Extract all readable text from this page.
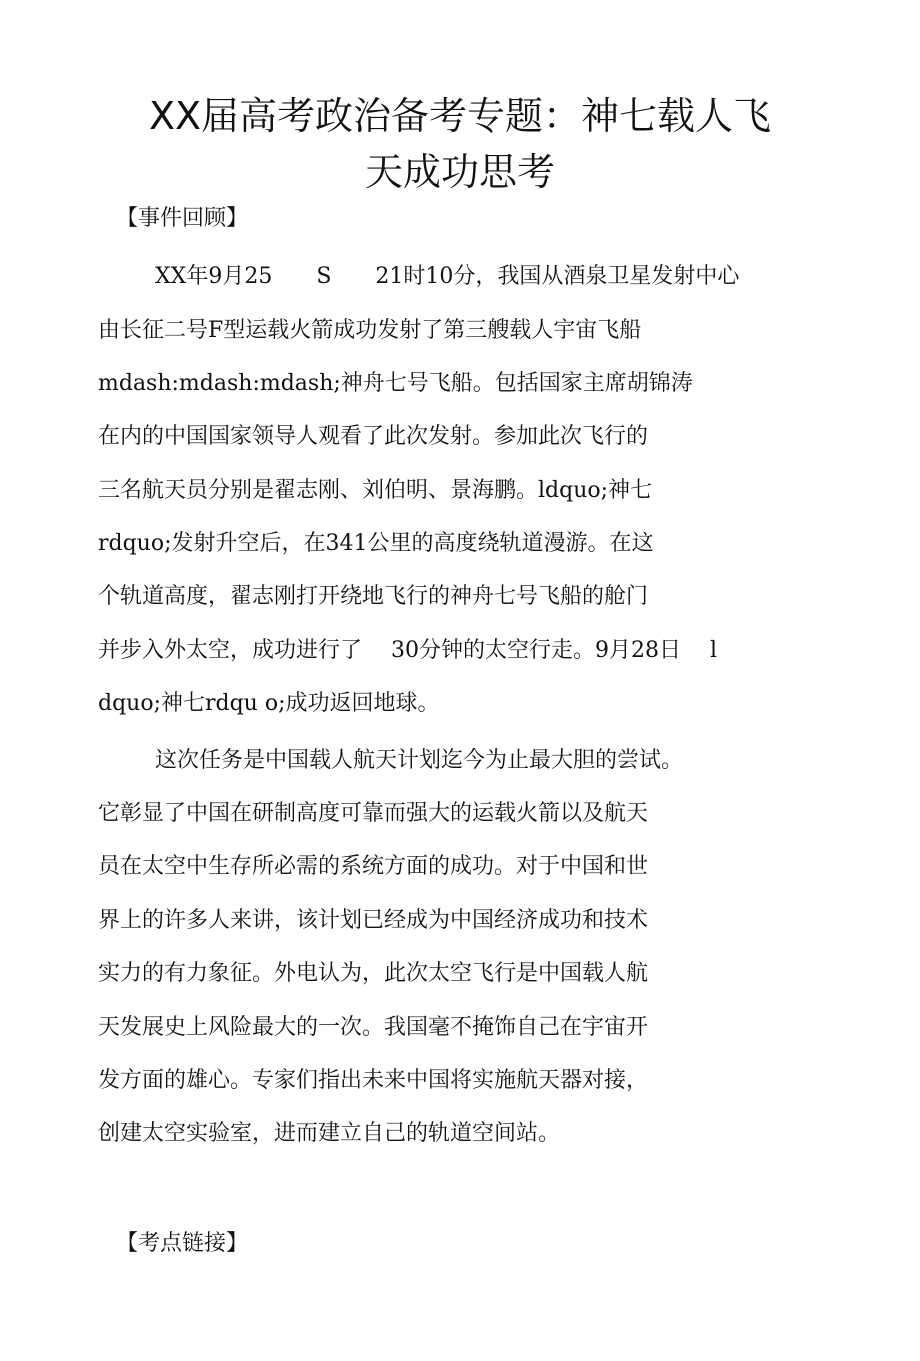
XX届高考政治备考专题：神七载人飞
天成功思考
【事件回顾】
XX年9月25　　S　　21时10分，我国从酒泉卫星发射中心
由长征二号F型运载火箭成功发射了第三艘载人宇宙飞船
mdash:mdash:mdash;神舟七号飞船。包括国家主席胡锦涛
在内的中国国家领导人观看了此次发射。参加此次飞行的
三名航天员分别是翟志刚、刘伯明、景海鹏。ldquo;神七
rdquo;发射升空后，在341公里的高度绕轨道漫游。在这
个轨道高度，翟志刚打开绕地飞行的神舟七号飞船的舱门
并步入外太空，成功进行了　 30分钟的太空行走。9月28日　 l
dquo;神七rdqu o;成功返回地球。
这次任务是中国载人航天计划迄今为止最大胆的尝试。
它彰显了中国在研制高度可靠而强大的运载火箭以及航天
员在太空中生存所必需的系统方面的成功。对于中国和世
界上的许多人来讲，该计划已经成为中国经济成功和技术
实力的有力象征。外电认为，此次太空飞行是中国载人航
天发展史上风险最大的一次。我国毫不掩饰自己在宇宙开
发方面的雄心。专家们指出未来中国将实施航天器对接，
创建太空实验室，进而建立自己的轨道空间站。
【考点链接】
